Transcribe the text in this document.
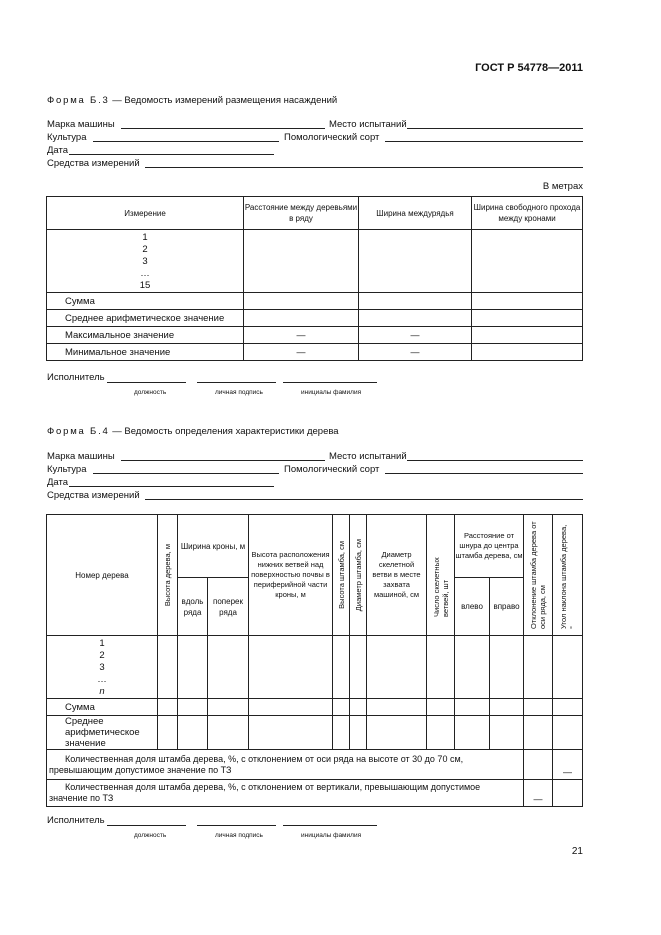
ГОСТ Р 54778—2011
Форма Б.3 — Ведомость измерений размещения насаждений
Марка машины	Место испытаний
Культура	Помологический сорт
Дата
Средства измерений
В метрах
Измерение	Расстояние между деревьями в ряду	Ширина междурядья	Ширина свободного прохода между кронами

1
2
3
…
15			

Сумма			
Среднее арифметическое значение			
Максимальное значение	—	—	
Минимальное значение	—	—	
Исполнитель
должность	личная подпись	инициалы фамилия
Форма Б.4 — Ведомость определения характеристики дерева
Марка машины	Место испытаний
Культура	Помологический сорт
Дата
Средства измерений
Номер дерева	Высота дерева, м	Ширина кроны, м		Высота расположения нижних ветвей над поверхностью почвы в периферийной части кроны, м	Высота штамба, см	Диаметр штамба, см	Диаметр скелетной ветви в месте захвата машиной, см	Число скелетных ветвей, шт	Расстояние от шнура до центра штамба дерева, см		Отклонение штамба дерева от оси ряда, см	Угол наклона штамба дерева, °

		вдоль ряда	поперек ряда						влево	вправо		

1
2
3
…
n												

Сумма												
Среднее арифметическое значение												
Количественная доля штамба дерева, %, с отклонением от оси ряда на высоте от 30 до 70 см, превышающим допустимое значение по ТЗ												—
Количественная доля штамба дерева, %, с отклонением от вертикали, превышающим допустимое значение по ТЗ											—	
Исполнитель
должность	личная подпись	инициалы фамилия
21
